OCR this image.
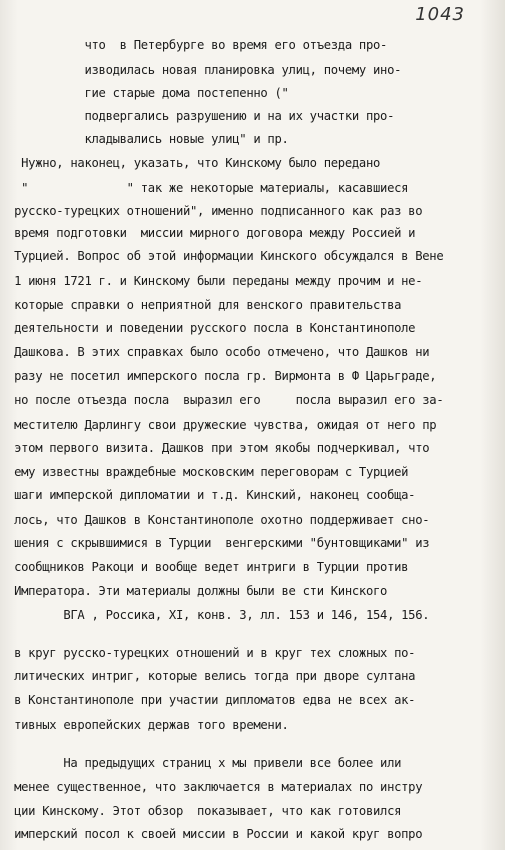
1043
что  в Петербурге во время его отъезда про-
изводилась новая планировка улиц, почему ино-
гие старые дома постепенно ("
подвергались разрушению и на их участки про-
кладывались новые улиц" и пр.
Нужно, наконец, указать, что Кинскому было передано
"              " так же некоторые материалы, касавшиеся
русско-турецких отношений", именно подписанного как раз во
время подготовки  миссии мирного договора между Россией и
Турцией. Вопрос об этой информации Кинского обсуждался в Вене
1 июня 1721 г. и Кинскому были переданы между прочим и не-
которые справки о неприятной для венского правительства
деятельности и поведении русского посла в Константинополе
Дашкова. В этих справках было особо отмечено, что Дашков ни
разу не посетил имперского посла гр. Вирмонта в Ф Царьграде,
но после отъезда посла  выразил его     посла выразил его за-
местителю Дарлингу свои дружеские чувства, ожидая от него пр
этом первого визита. Дашков при этом якобы подчеркивал, что
ему известны враждебные московским переговорам с Турцией
шаги имперской дипломатии и т.д. Кинский, наконец сообща-
лось, что Дашков в Константинополе охотно поддерживает сно-
шения с скрывшимися в Турции  венгерскими "бунтовщиками" из
сообщников Ракоци и вообще ведет интриги в Турции против
Императора. Эти материалы должны были ве сти Кинского
ВГА , Россика, XI, конв. 3, лл. 153 и 146, 154, 156.
в круг русско-турецких отношений и в круг тех сложных по-
литических интриг, которые велись тогда при дворе султана
в Константинополе при участии дипломатов едва не всех ак-
тивных европейских держав того времени.
На предыдущих страниц х мы привели все более или
менее существенное, что заключается в материалах по инстру
ции Кинскому. Этот обзор  показывает, что как готовился
имперский посол к своей миссии в России и какой круг вопро
